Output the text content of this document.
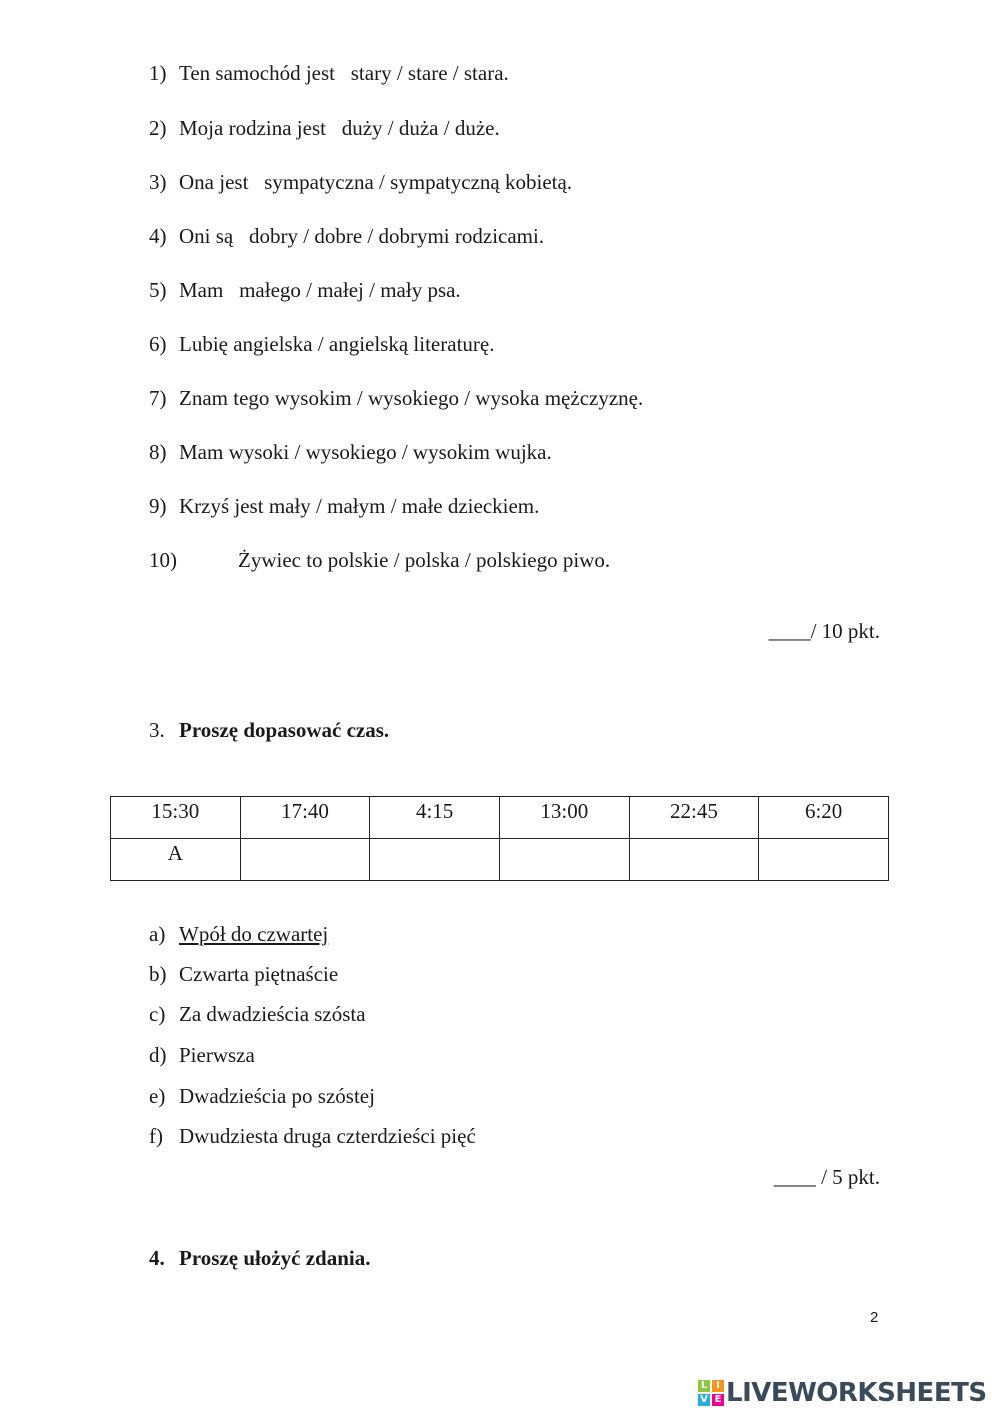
1) Ten samochód jest   stary / stare / stara.
2) Moja rodzina jest   duży / duża / duże.
3) Ona jest   sympatyczna / sympatyczną kobietą.
4) Oni są   dobry / dobre / dobrymi rodzicami.
5) Mam   małego / małej / mały psa.
6) Lubię angielska / angielską literaturę.
7) Znam tego wysokim / wysokiego / wysoka mężczyznę.
8) Mam wysoki / wysokiego / wysokim wujka.
9) Krzyś jest mały / małym / małe dzieckiem.
10)	Żywiec to polskie / polska / polskiego piwo.
____/ 10 pkt.
3. Proszę dopasować czas.
15:30	17:40	4:15	13:00	22:45	6:20
A					
a) Wpół do czwartej
b) Czwarta piętnaście
c) Za dwadzieścia szósta
d) Pierwsza
e) Dwadzieścia po szóstej
f) Dwudziesta druga czterdzieści pięć
____ / 5 pkt.
4. Proszę ułożyć zdania.
2
L I
V E LIVEWORKSHEETS
